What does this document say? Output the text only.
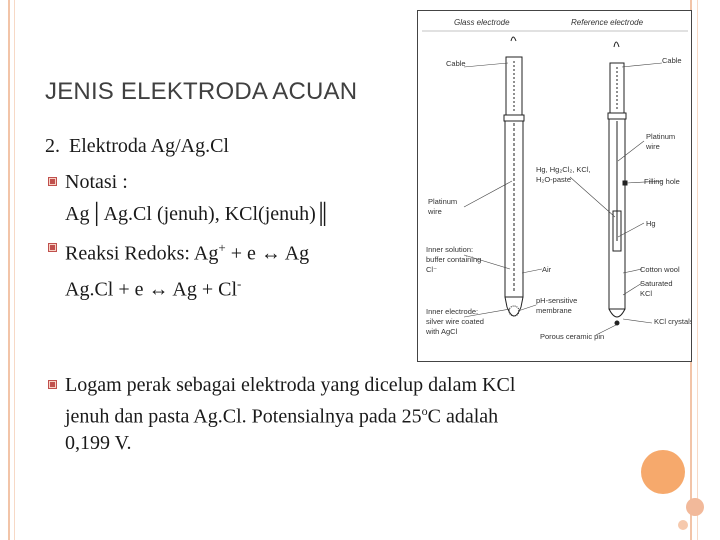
JENIS ELEKTRODA ACUAN
2. Elektroda Ag/Ag.Cl
Notasi :
Ag│Ag.Cl (jenuh), KCl(jenuh)║
Reaksi Redoks: Ag+ + e ↔ Ag
Ag.Cl + e ↔ Ag + Cl-
Glass electrode	Reference electrode
Cable	Cable
Platinum
wire
Hg, Hg₂Cl₂, KCl,
H₂O-paste	Filling hole
Platinum
wire
Hg
Inner solution:
buffer containing
Cl⁻	Air	Cotton wool
Saturated
KCl
pH-sensitive
membrane
Inner electrode:
silver wire coated
with AgCl
KCl crystals
Porous ceramic pin
Logam perak sebagai elektroda yang dicelup dalam KCl
jenuh dan pasta Ag.Cl. Potensialnya pada 25$^o$C adalah
0,199 V.
